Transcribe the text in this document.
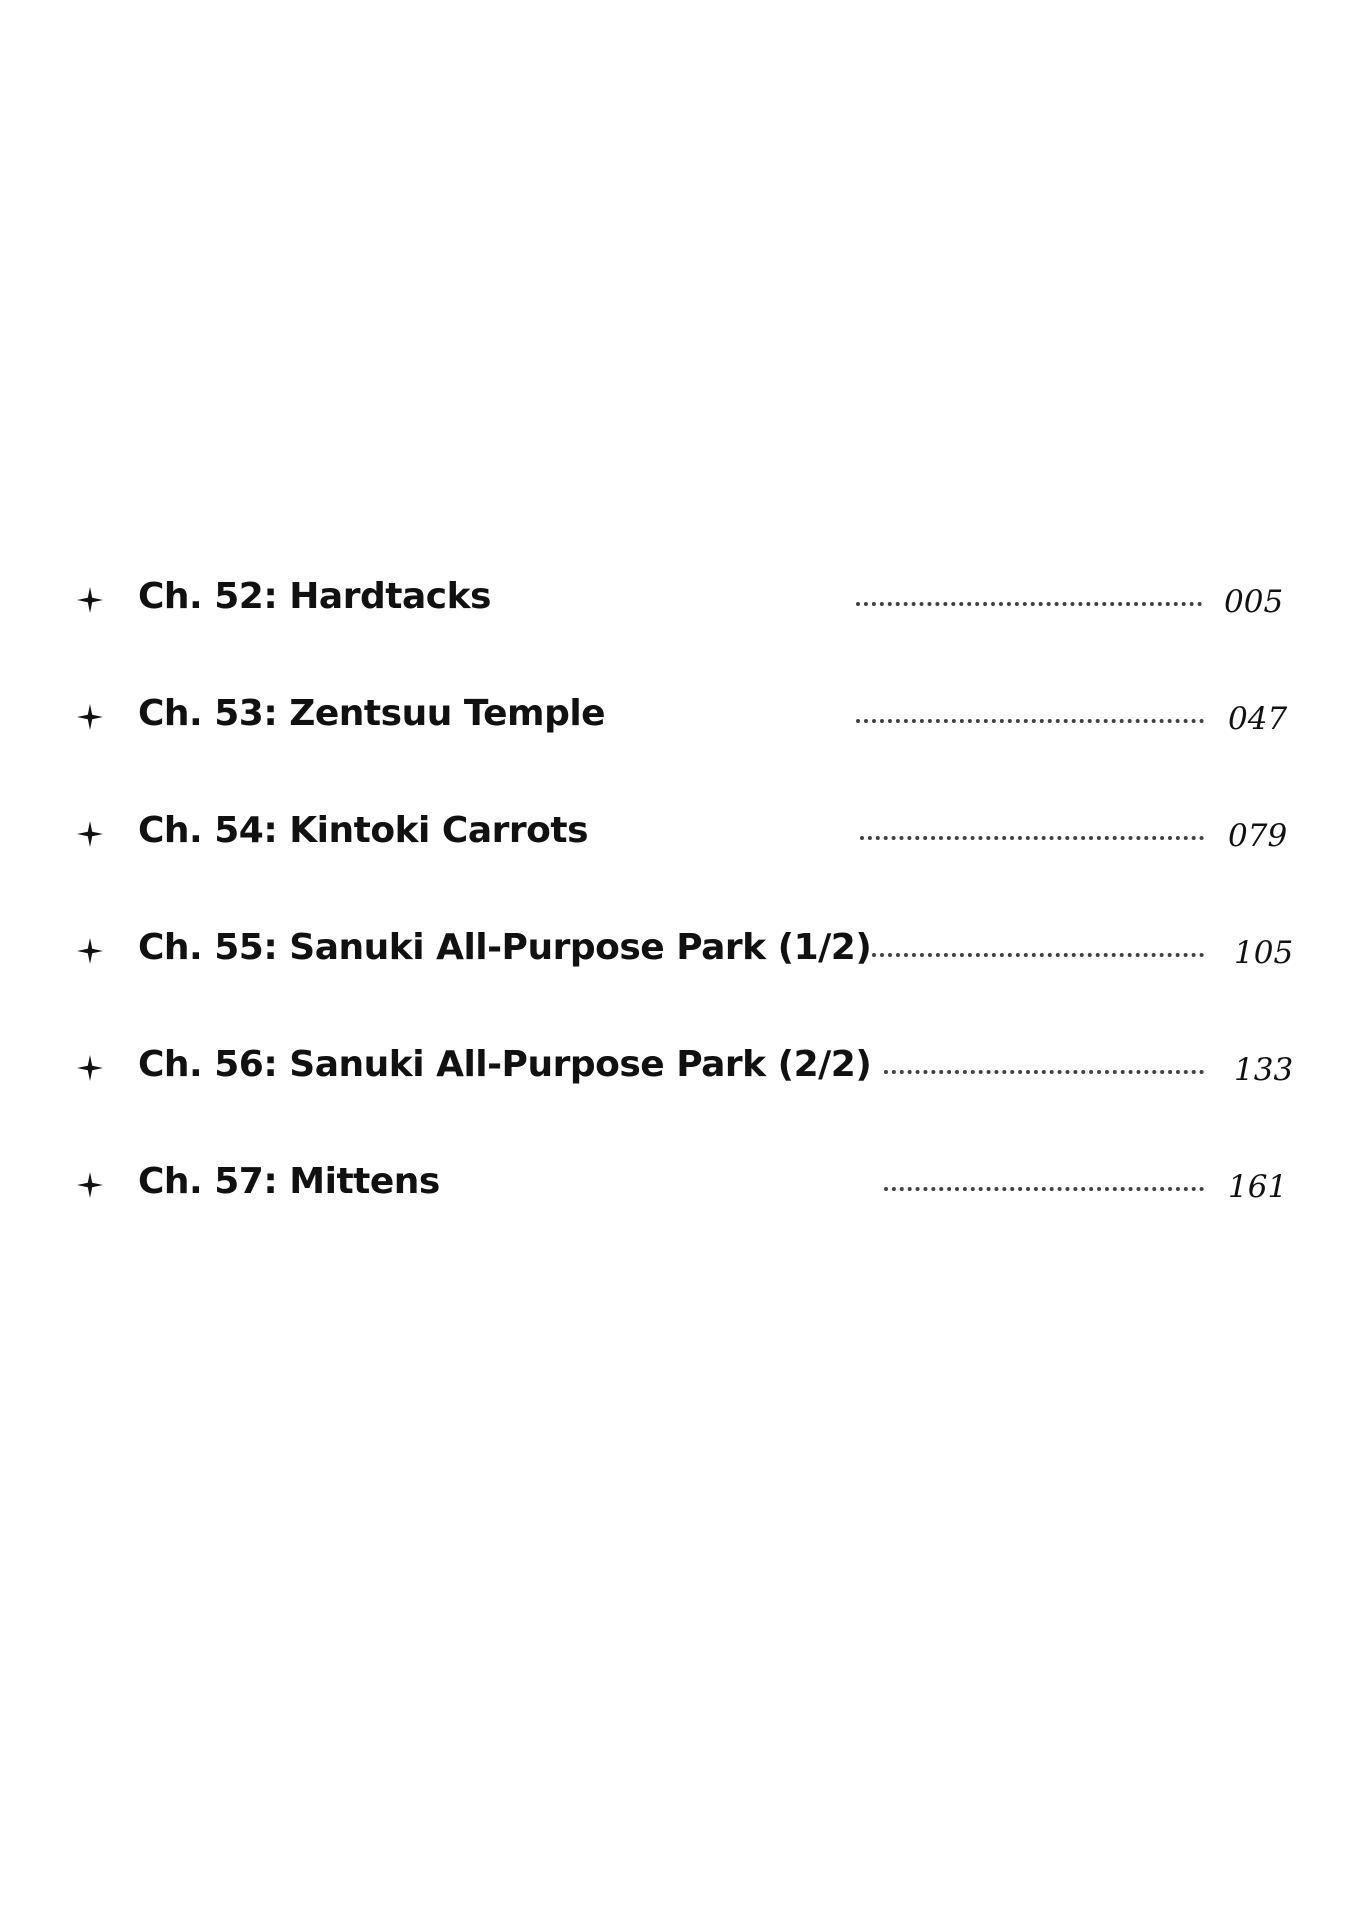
Ch. 52: Hardtacks	005
Ch. 53: Zentsuu Temple	047
Ch. 54: Kintoki Carrots	079
Ch. 55: Sanuki All-Purpose Park (1/2)	105
Ch. 56: Sanuki All-Purpose Park (2/2)	133
Ch. 57: Mittens	161
